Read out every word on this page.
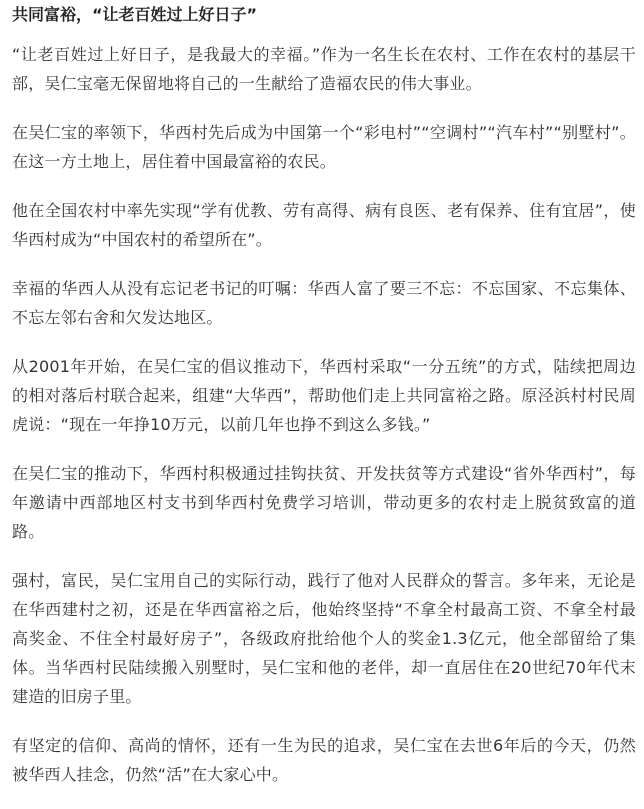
共同富裕，“让老百姓过上好日子”

“让老百姓过上好日子，是我最大的幸福。”作为一名生长在农村、工作在农村的基层干部，吴仁宝毫无保留地将自己的一生献给了造福农民的伟大事业。

在吴仁宝的率领下，华西村先后成为中国第一个“彩电村”“空调村”“汽车村”“别墅村”。在这一方土地上，居住着中国最富裕的农民。

他在全国农村中率先实现“学有优教、劳有高得、病有良医、老有保养、住有宜居”，使华西村成为“中国农村的希望所在”。

幸福的华西人从没有忘记老书记的叮嘱：华西人富了要三不忘：不忘国家、不忘集体、不忘左邻右舍和欠发达地区。

从2001年开始，在吴仁宝的倡议推动下，华西村采取“一分五统”的方式，陆续把周边的相对落后村联合起来，组建“大华西”，帮助他们走上共同富裕之路。原泾浜村村民周虎说：“现在一年挣10万元，以前几年也挣不到这么多钱。”

在吴仁宝的推动下，华西村积极通过挂钩扶贫、开发扶贫等方式建设“省外华西村”，每年邀请中西部地区村支书到华西村免费学习培训，带动更多的农村走上脱贫致富的道路。

强村，富民，吴仁宝用自己的实际行动，践行了他对人民群众的誓言。多年来，无论是在华西建村之初，还是在华西富裕之后，他始终坚持“不拿全村最高工资、不拿全村最高奖金、不住全村最好房子”，各级政府批给他个人的奖金1.3亿元，他全部留给了集体。当华西村民陆续搬入别墅时，吴仁宝和他的老伴，却一直居住在20世纪70年代末建造的旧房子里。

有坚定的信仰、高尚的情怀，还有一生为民的追求，吴仁宝在去世6年后的今天，仍然被华西人挂念，仍然“活”在大家心中。
